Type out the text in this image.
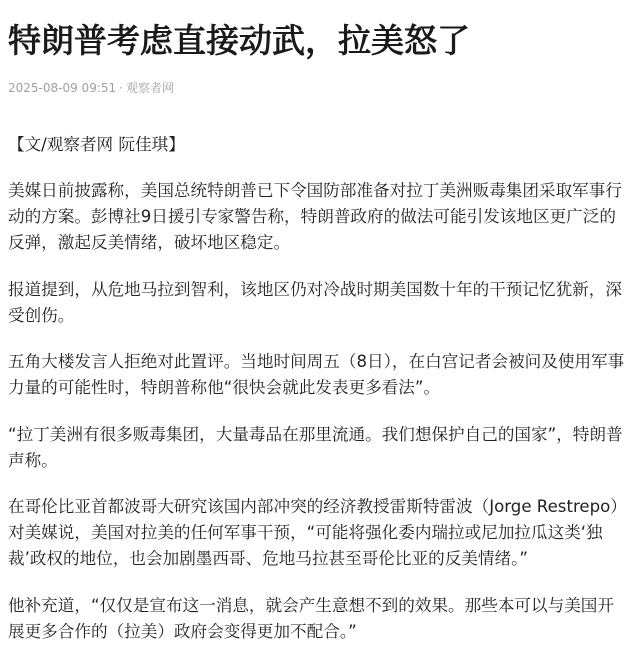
特朗普考虑直接动武，拉美怒了
2025-08-09 09:51 · 观察者网

【文/观察者网 阮佳琪】

美媒日前披露称，美国总统特朗普已下令国防部准备对拉丁美洲贩毒集团采取军事行动的方案。彭博社9日援引专家警告称，特朗普政府的做法可能引发该地区更广泛的反弹，激起反美情绪，破坏地区稳定。

报道提到，从危地马拉到智利，该地区仍对冷战时期美国数十年的干预记忆犹新，深受创伤。

五角大楼发言人拒绝对此置评。当地时间周五（8日），在白宫记者会被问及使用军事力量的可能性时，特朗普称他“很快会就此发表更多看法”。

“拉丁美洲有很多贩毒集团，大量毒品在那里流通。我们想保护自己的国家”，特朗普声称。

在哥伦比亚首都波哥大研究该国内部冲突的经济教授雷斯特雷波（Jorge Restrepo）对美媒说，美国对拉美的任何军事干预，“可能将强化委内瑞拉或尼加拉瓜这类‘独裁’政权的地位，也会加剧墨西哥、危地马拉甚至哥伦比亚的反美情绪。”

他补充道，“仅仅是宣布这一消息，就会产生意想不到的效果。那些本可以与美国开展更多合作的（拉美）政府会变得更加不配合。”
